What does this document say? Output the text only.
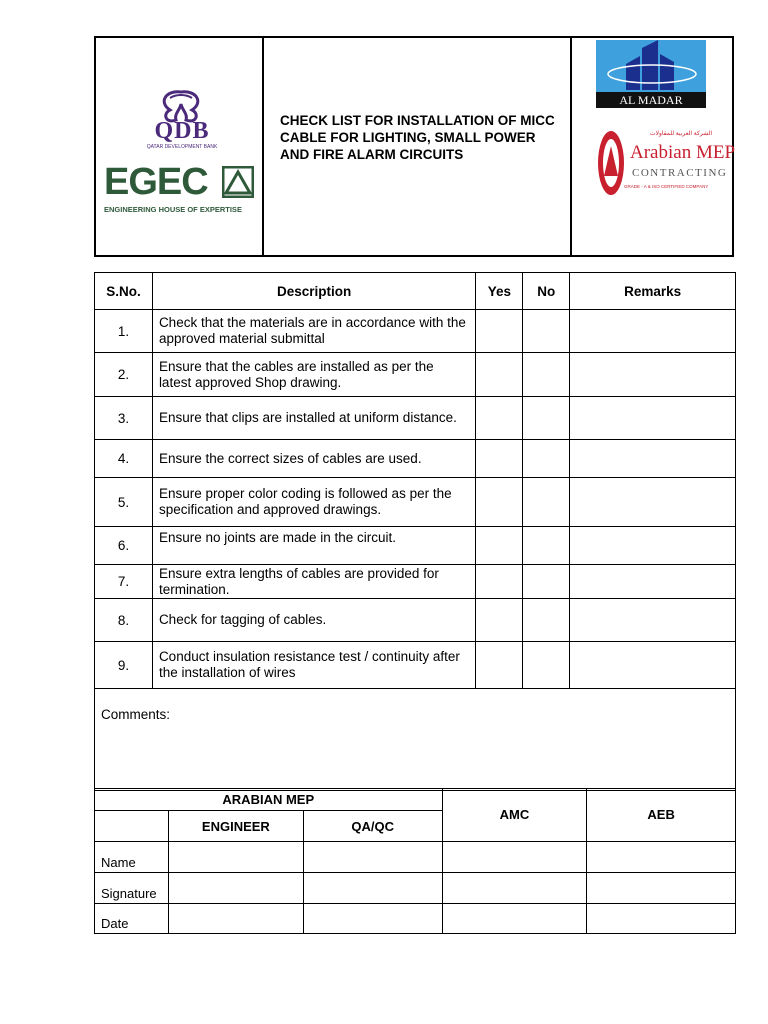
QDB
QATAR DEVELOPMENT BANK
EGEC
ENGINEERING HOUSE OF EXPERTISE
CHECK LIST FOR INSTALLATION OF MICC CABLE FOR LIGHTING, SMALL POWER AND FIRE ALARM CIRCUITS
AL MADAR
الشركة العربية للمقاولات
Arabian MEP
CONTRACTING
GRADE - A & ISO CERTIFIED COMPANY
S.No.	Description	Yes	No	Remarks
1.	Check that the materials are in accordance with the approved material submittal			
2.	Ensure that the cables are installed as per the latest approved Shop drawing.			
3.	Ensure that clips are installed at uniform distance.			
4.	Ensure the correct sizes of cables are used.			
5.	Ensure proper color coding is followed as per the specification and approved drawings.			
6.	Ensure no joints are made in the circuit.			
7.	Ensure extra lengths of cables are provided for termination.			
8.	Check for tagging of cables.			
9.	Conduct insulation resistance test / continuity after the installation of wires			
Comments:				
ARABIAN MEP			AMC	AEB
	ENGINEER	QA/QC		
Name				
Signature				
Date				
